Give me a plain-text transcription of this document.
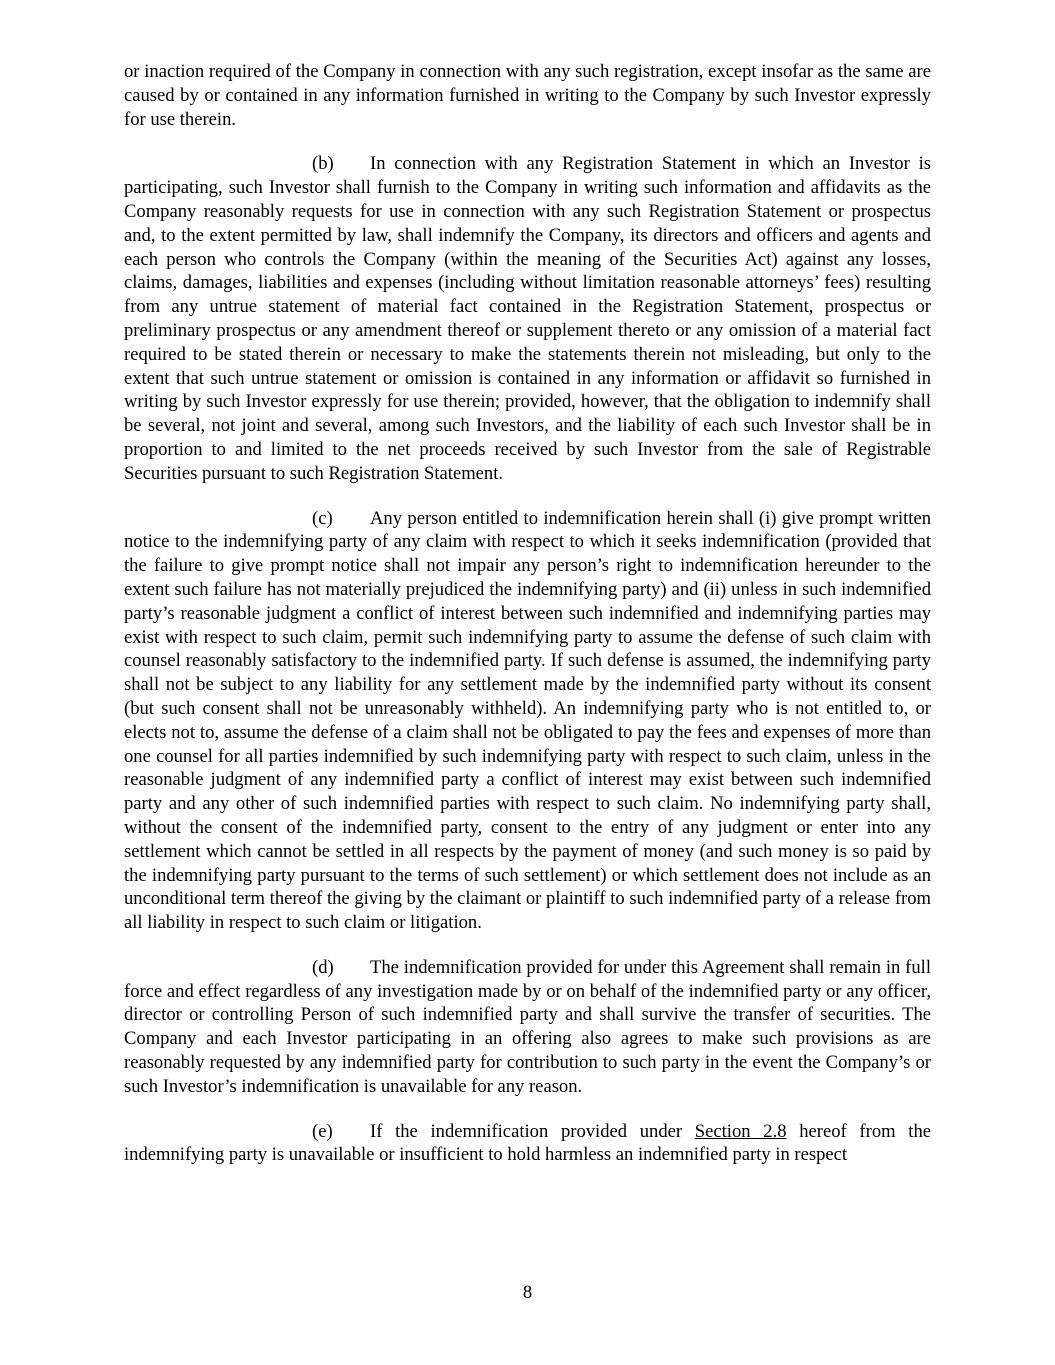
or inaction required of the Company in connection with any such registration, except insofar as the same are caused by or contained in any information furnished in writing to the Company by such Investor expressly for use therein.

(b) In connection with any Registration Statement in which an Investor is participating, such Investor shall furnish to the Company in writing such information and affidavits as the Company reasonably requests for use in connection with any such Registration Statement or prospectus and, to the extent permitted by law, shall indemnify the Company, its directors and officers and agents and each person who controls the Company (within the meaning of the Securities Act) against any losses, claims, damages, liabilities and expenses (including without limitation reasonable attorneys’ fees) resulting from any untrue statement of material fact contained in the Registration Statement, prospectus or preliminary prospectus or any amendment thereof or supplement thereto or any omission of a material fact required to be stated therein or necessary to make the statements therein not misleading, but only to the extent that such untrue statement or omission is contained in any information or affidavit so furnished in writing by such Investor expressly for use therein; provided, however, that the obligation to indemnify shall be several, not joint and several, among such Investors, and the liability of each such Investor shall be in proportion to and limited to the net proceeds received by such Investor from the sale of Registrable Securities pursuant to such Registration Statement.

(c) Any person entitled to indemnification herein shall (i) give prompt written notice to the indemnifying party of any claim with respect to which it seeks indemnification (provided that the failure to give prompt notice shall not impair any person’s right to indemnification hereunder to the extent such failure has not materially prejudiced the indemnifying party) and (ii) unless in such indemnified party’s reasonable judgment a conflict of interest between such indemnified and indemnifying parties may exist with respect to such claim, permit such indemnifying party to assume the defense of such claim with counsel reasonably satisfactory to the indemnified party. If such defense is assumed, the indemnifying party shall not be subject to any liability for any settlement made by the indemnified party without its consent (but such consent shall not be unreasonably withheld). An indemnifying party who is not entitled to, or elects not to, assume the defense of a claim shall not be obligated to pay the fees and expenses of more than one counsel for all parties indemnified by such indemnifying party with respect to such claim, unless in the reasonable judgment of any indemnified party a conflict of interest may exist between such indemnified party and any other of such indemnified parties with respect to such claim. No indemnifying party shall, without the consent of the indemnified party, consent to the entry of any judgment or enter into any settlement which cannot be settled in all respects by the payment of money (and such money is so paid by the indemnifying party pursuant to the terms of such settlement) or which settlement does not include as an unconditional term thereof the giving by the claimant or plaintiff to such indemnified party of a release from all liability in respect to such claim or litigation.

(d) The indemnification provided for under this Agreement shall remain in full force and effect regardless of any investigation made by or on behalf of the indemnified party or any officer, director or controlling Person of such indemnified party and shall survive the transfer of securities. The Company and each Investor participating in an offering also agrees to make such provisions as are reasonably requested by any indemnified party for contribution to such party in the event the Company’s or such Investor’s indemnification is unavailable for any reason.

(e) If the indemnification provided under Section 2.8 hereof from the indemnifying party is unavailable or insufficient to hold harmless an indemnified party in respect

8
